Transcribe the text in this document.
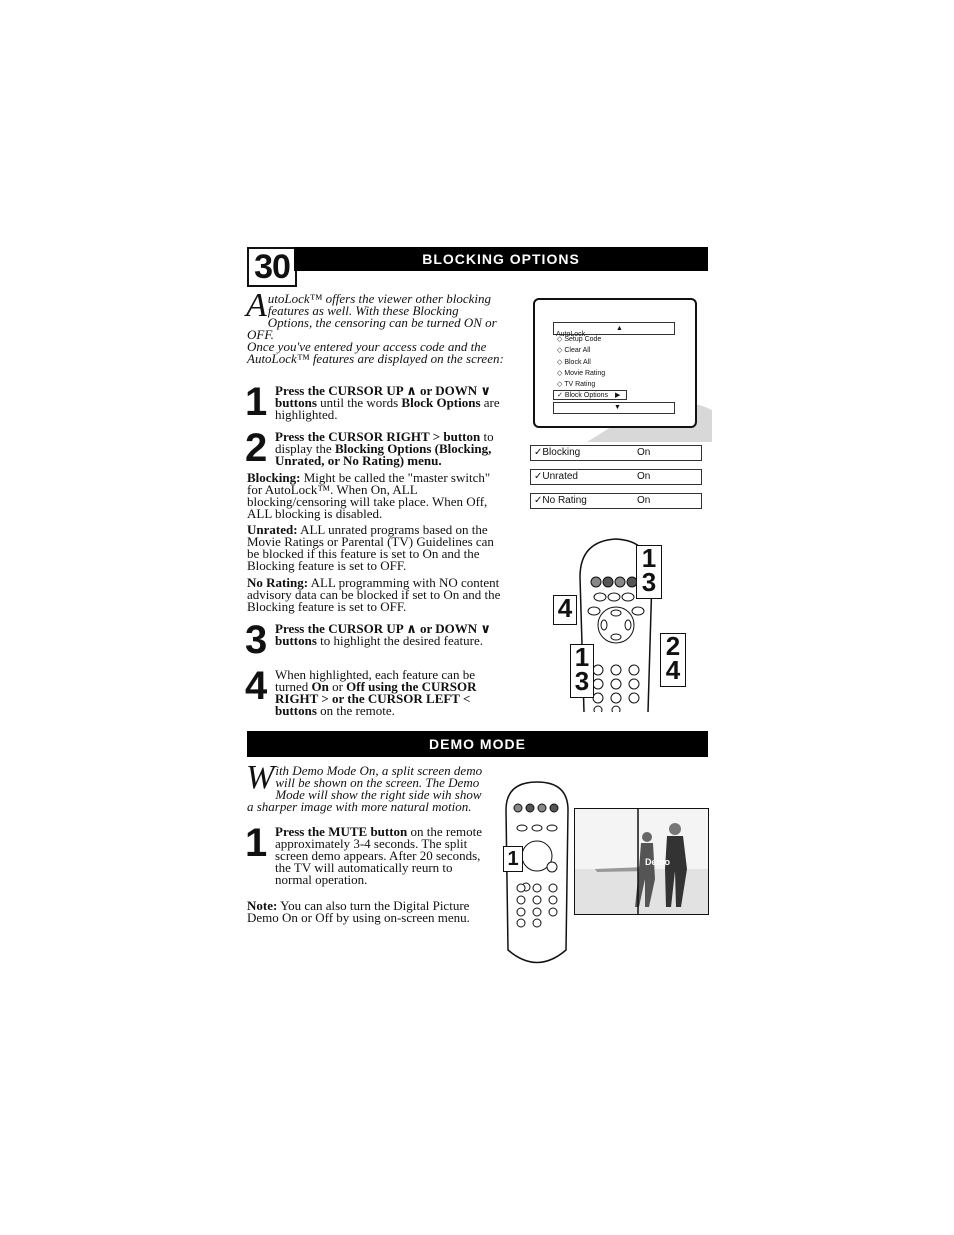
30	BLOCKING OPTIONS
DEMO MODE
AutoLock™ offers the viewer other blocking features as well. With these Blocking Options, the censoring can be turned ON or OFF.
Once you've entered your access code and the AutoLock™ features are displayed on the screen:
1 Press the CURSOR UP ∧ or DOWN ∨ buttons until the words Block Options are highlighted.
2 Press the CURSOR RIGHT > button to display the Blocking Options (Blocking, Unrated, or No Rating) menu.
Blocking: Might be called the "master switch" for AutoLock™. When On, ALL blocking/censoring will take place. When Off, ALL blocking is disabled.
Unrated: ALL unrated programs based on the Movie Ratings or Parental (TV) Guidelines can be blocked if this feature is set to On and the Blocking feature is set to OFF.
No Rating: ALL programming with NO content advisory data can be blocked if set to On and the Blocking feature is set to OFF.
3 Press the CURSOR UP ∧ or DOWN ∨ buttons to highlight the desired feature.
4 When highlighted, each feature can be turned On or Off using the CURSOR RIGHT > or the CURSOR LEFT < buttons on the remote.
AutoLock
▲
◇ Setup Code
◇ Clear All
◇ Block All
◇ Movie Rating
◇ TV Rating
✓ Block Options	▶
▼
✓Blocking	On
✓Unrated	On
✓No Rating	On
1
3
4
1
3
2
4
With Demo Mode On, a split screen demo will be shown on the screen. The Demo Mode will show the right side wih show a sharper image with more natural motion.
1 Press the MUTE button on the remote approximately 3-4 seconds. The split screen demo appears. After 20 seconds, the TV will automatically reurn to normal operation.
Note: You can also turn the Digital Picture Demo On or Off by using on-screen menu.
1	Demo
